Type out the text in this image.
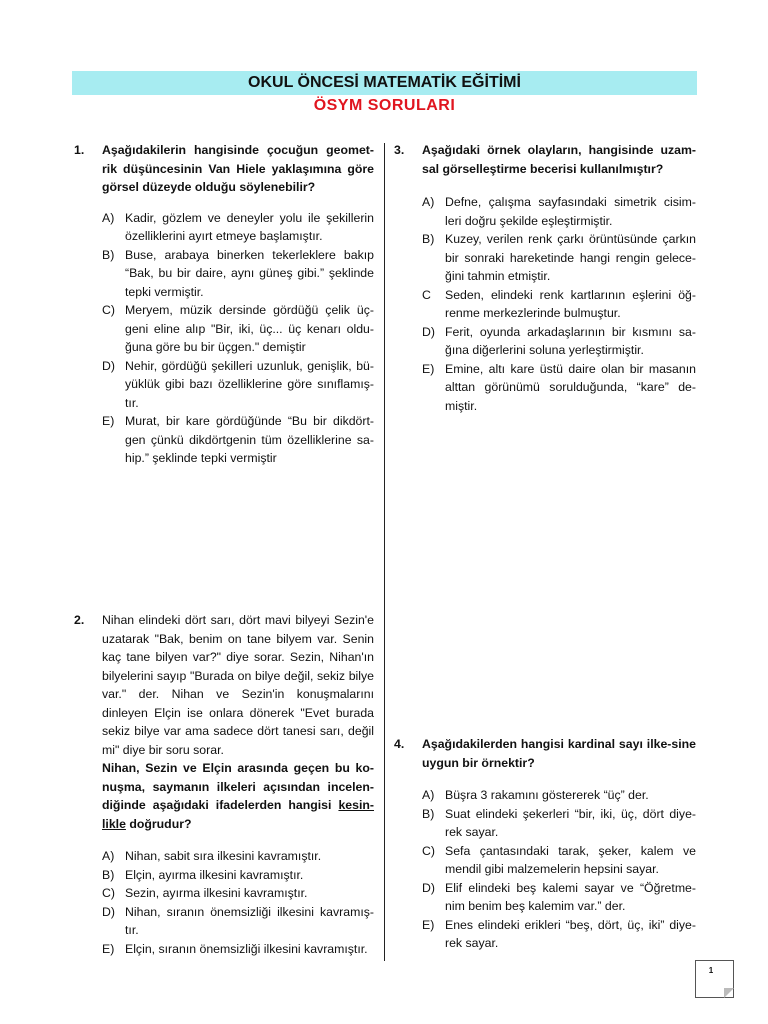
OKUL ÖNCESİ MATEMATİK EĞİTİMİ
ÖSYM SORULARI
1. Aşağıdakilerin hangisinde çocuğun geomet-rik düşüncesinin Van Hiele yaklaşımına göre görsel düzeyde olduğu söylenebilir?
A) Kadir, gözlem ve deneyler yolu ile şekillerin özelliklerini ayırt etmeye başlamıştır.
B) Buse, arabaya binerken tekerleklere bakıp “Bak, bu bir daire, aynı güneş gibi.” şeklinde tepki vermiştir.
C) Meryem, müzik dersinde gördüğü çelik üç-geni eline alıp "Bir, iki, üç... üç kenarı oldu-ğuna göre bu bir üçgen." demiştir
D) Nehir, gördüğü şekilleri uzunluk, genişlik, bü-yüklük gibi bazı özelliklerine göre sınıflamış-tır.
E) Murat, bir kare gördüğünde “Bu bir dikdört-gen çünkü dikdörtgenin tüm özelliklerine sa-hip.” şeklinde tepki vermiştir
2. Nihan elindeki dört sarı, dört mavi bilyeyi Sezin'e uzatarak "Bak, benim on tane bilyem var. Senin kaç tane bilyen var?" diye sorar. Sezin, Nihan'ın bilyelerini sayıp "Burada on bilye değil, sekiz bilye var." der. Nihan ve Sezin'in konuşmalarını dinleyen Elçin ise onlara dönerek "Evet burada sekiz bilye var ama sadece dört tanesi sarı, değil mi" diye bir soru sorar.
Nihan, Sezin ve Elçin arasında geçen bu ko-nuşma, saymanın ilkeleri açısından incelen-diğinde aşağıdaki ifadelerden hangisi kesin- likle doğrudur?
A) Nihan, sabit sıra ilkesini kavramıştır.
B) Elçin, ayırma ilkesini kavramıştır.
C) Sezin, ayırma ilkesini kavramıştır.
D) Nihan, sıranın önemsizliği ilkesini kavramış-tır.
E) Elçin, sıranın önemsizliği ilkesini kavramıştır.
3. Aşağıdaki örnek olayların, hangisinde uzam-sal görselleştirme becerisi kullanılmıştır?
A) Defne, çalışma sayfasındaki simetrik cisim-leri doğru şekilde eşleştirmiştir.
B) Kuzey, verilen renk çarkı örüntüsünde çarkın bir sonraki hareketinde hangi rengin gelece-ğini tahmin etmiştir.
C Seden, elindeki renk kartlarının eşlerini öğ-renme merkezlerinde bulmuştur.
D) Ferit, oyunda arkadaşlarının bir kısmını sa-ğına diğerlerini soluna yerleştirmiştir.
E) Emine, altı kare üstü daire olan bir masanın alttan görünümü sorulduğunda, “kare” de-miştir.
4. Aşağıdakilerden hangisi kardinal sayı ilke-sine uygun bir örnektir?
A) Büşra 3 rakamını göstererek “üç” der.
B) Suat elindeki şekerleri “bir, iki, üç, dört diye-rek sayar.
C) Sefa çantasındaki tarak, şeker, kalem ve mendil gibi malzemelerin hepsini sayar.
D) Elif elindeki beş kalemi sayar ve “Öğretme-nim benim beş kalemim var.” der.
E) Enes elindeki erikleri “beş, dört, üç, iki” diye-rek sayar.
1
